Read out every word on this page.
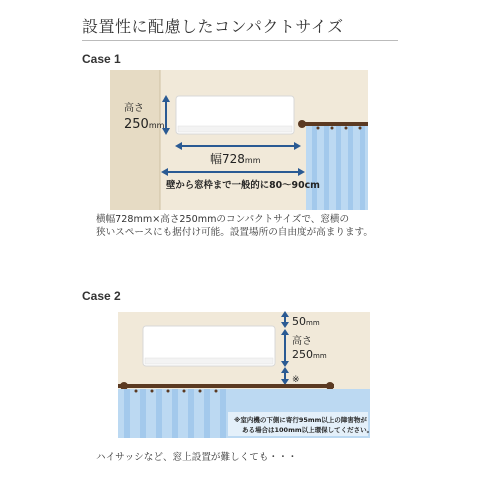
設置性に配慮したコンパクトサイズ
Case 1
高さ
250mm
幅728mm
壁から窓枠まで一般的に80〜90cm
横幅728mm×高さ250mmのコンパクトサイズで、窓横の
狭いスペースにも据付け可能。設置場所の自由度が高まります。
Case 2
50mm
高さ
250mm
※
※室内機の下側に寄行95mm以上の障害物が
ある場合は100mm以上環保してください。
ハイサッシなど、窓上設置が難しくても・・・
